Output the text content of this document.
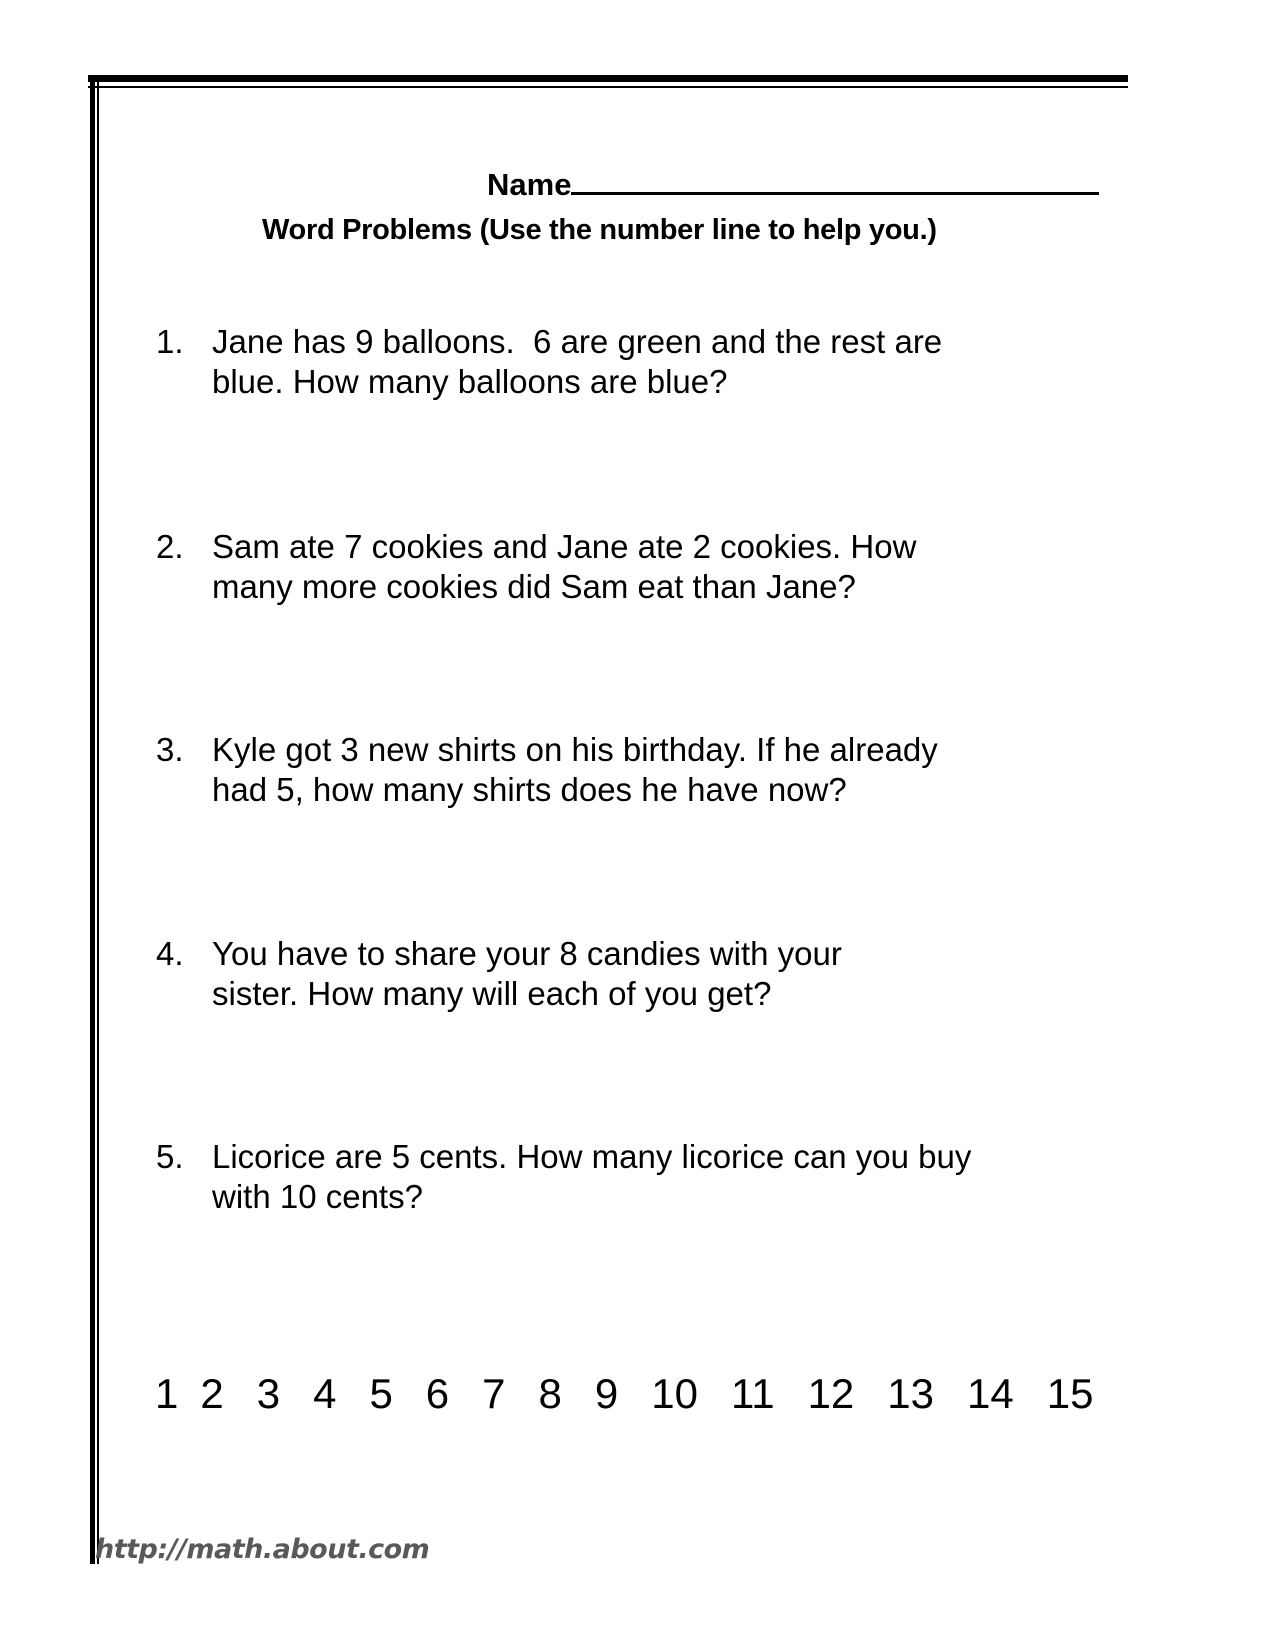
Name
Word Problems (Use the number line to help you.)
1. Jane has 9 balloons.  6 are green and the rest are
blue. How many balloons are blue?
2. Sam ate 7 cookies and Jane ate 2 cookies. How
many more cookies did Sam eat than Jane?
3. Kyle got 3 new shirts on his birthday. If he already
had 5, how many shirts does he have now?
4. You have to share your 8 candies with your
sister. How many will each of you get?
5. Licorice are 5 cents. How many licorice can you buy
with 10 cents?
1 2 3 4 5 6 7 8 9 10 11 12 13 14 15
http://math.about.com
